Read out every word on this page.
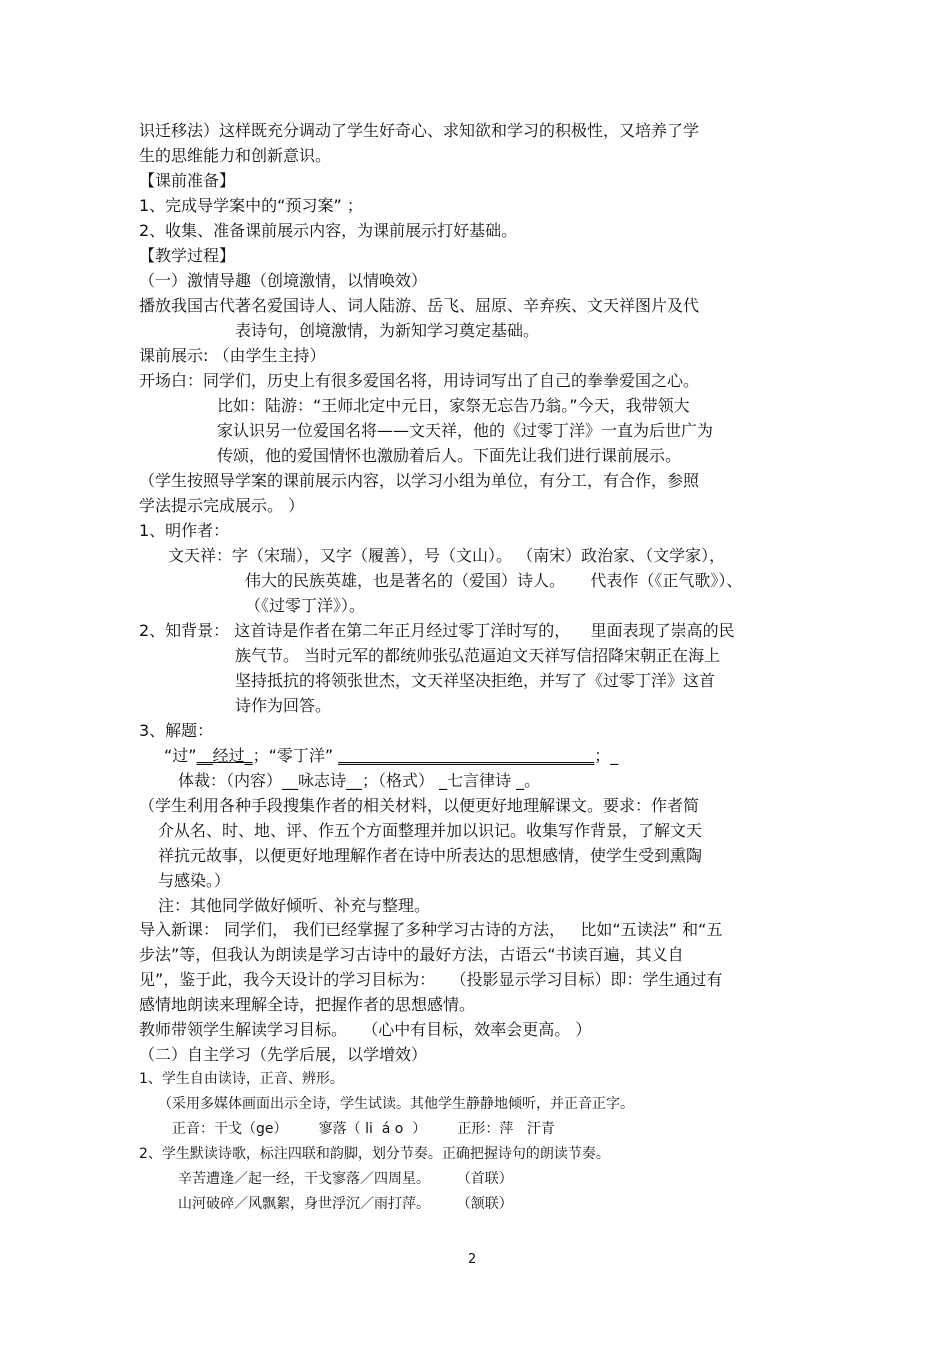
识迁移法）这样既充分调动了学生好奇心、求知欲和学习的积极性，又培养了学
生的思维能力和创新意识。
【课前准备】
1、完成导学案中的“预习案” ；
2、收集、准备课前展示内容，为课前展示打好基础。
【教学过程】
（一）激情导趣（创境激情，以情唤效）
播放我国古代著名爱国诗人、词人陆游、岳飞、屈原、辛弃疾、文天祥图片及代
表诗句，创境激情，为新知学习奠定基础。
课前展示: （由学生主持）
开场白：同学们，历史上有很多爱国名将，用诗词写出了自己的拳拳爱国之心。
比如：陆游：“王师北定中元日，家祭无忘告乃翁。”今天，我带领大
家认识另一位爱国名将——文天祥，他的《过零丁洋》一直为后世广为
传颂，他的爱国情怀也激励着后人。下面先让我们进行课前展示。
（学生按照导学案的课前展示内容，以学习小组为单位，有分工，有合作，参照
学法提示完成展示。 ）
1、明作者：
文天祥：字（宋瑞），又字（履善），号（文山）。 （南宋）政治家、（文学家），
伟大的民族英雄，也是著名的（爱国）诗人。     代表作（《正气歌》）、
（《过零丁洋》）。
2、知背景： 这首诗是作者在第二年正月经过零丁洋时写的，    里面表现了崇高的民
族气节。 当时元军的都统帅张弘范逼迫文天祥写信招降宋朝正在海上
坚持抵抗的将领张世杰，文天祥坚决拒绝，并写了《过零丁洋》这首
诗作为回答。
3、解题：
“过”__经过_；“零丁洋” ________________________________；_
体裁：（内容）__咏志诗__；（格式） _七言律诗 _。
（学生利用各种手段搜集作者的相关材料，以便更好地理解课文。要求：作者简
介从名、时、地、评、作五个方面整理并加以识记。收集写作背景，了解文天
祥抗元故事，以便更好地理解作者在诗中所表达的思想感情，使学生受到熏陶
与感染。）
注：其他同学做好倾听、补充与整理。
导入新课： 同学们， 我们已经掌握了多种学习古诗的方法，   比如“五读法” 和“五
步法”等，但我认为朗读是学习古诗中的最好方法，古语云“书读百遍，其义自
见”，鉴于此，我今天设计的学习目标为：   （投影显示学习目标）即：学生通过有
感情地朗读来理解全诗，把握作者的思想感情。
教师带领学生解读学习目标。   （心中有目标，效率会更高。 ）
（二）自主学习（先学后展，以学增效）
1、学生自由读诗，正音、辨形。
（采用多媒体画面出示全诗，学生试读。其他学生静静地倾听，并正音正字。
正音：干戈（ge）       寥落（ li  á o  ）       正形：萍   汗青
2、学生默读诗歌，标注四联和韵脚，划分节奏。正确把握诗句的朗读节奏。
辛苦遭逢／起一经，干戈寥落／四周星。      （首联）
山河破碎／风飘絮，身世浮沉／雨打萍。      （颔联）
2
